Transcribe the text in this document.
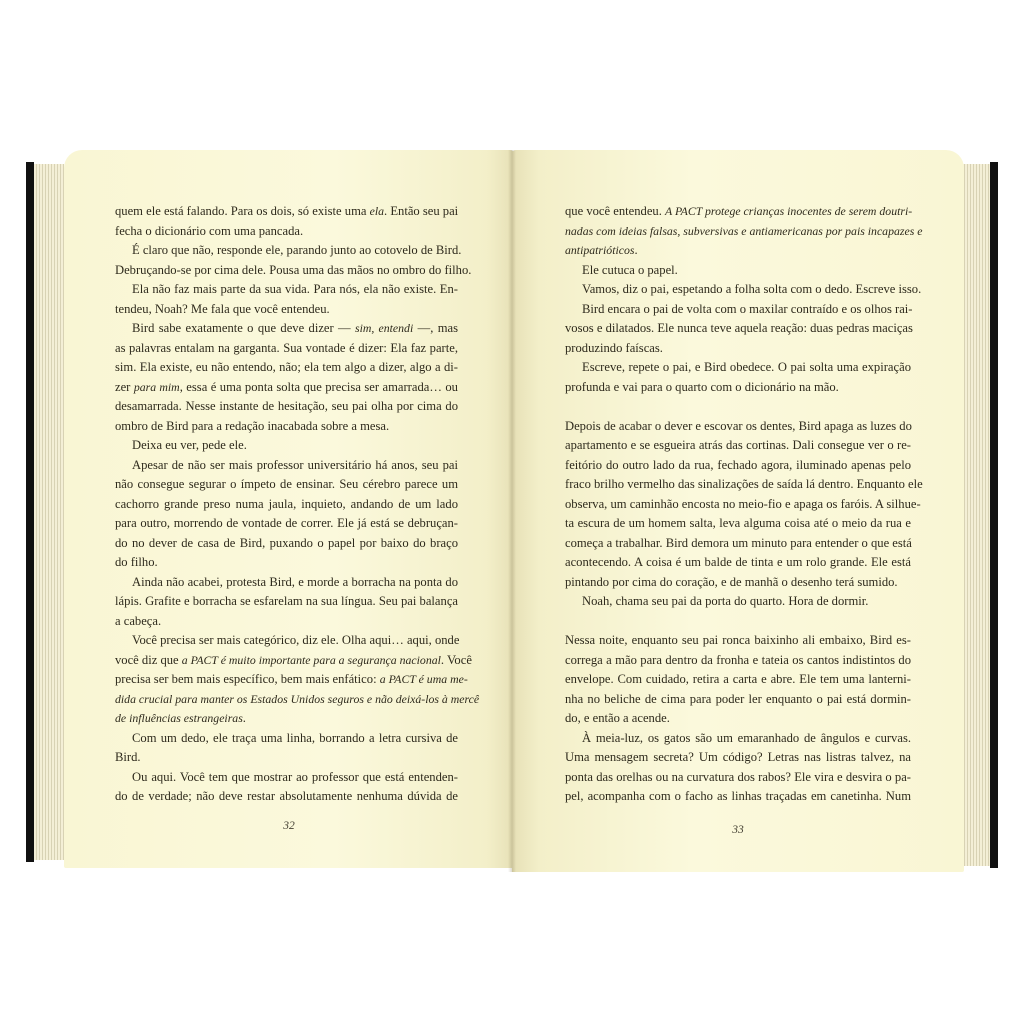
quem ele está falando. Para os dois, só existe uma ela. Então seu pai
fecha o dicionário com uma pancada.
É claro que não, responde ele, parando junto ao cotovelo de Bird.
Debruçando-se por cima dele. Pousa uma das mãos no ombro do filho.
Ela não faz mais parte da sua vida. Para nós, ela não existe. En-
tendeu, Noah? Me fala que você entendeu.
Bird sabe exatamente o que deve dizer — sim, entendi —, mas
as palavras entalam na garganta. Sua vontade é dizer: Ela faz parte,
sim. Ela existe, eu não entendo, não; ela tem algo a dizer, algo a di-
zer para mim, essa é uma ponta solta que precisa ser amarrada… ou
desamarrada. Nesse instante de hesitação, seu pai olha por cima do
ombro de Bird para a redação inacabada sobre a mesa.
Deixa eu ver, pede ele.
Apesar de não ser mais professor universitário há anos, seu pai
não consegue segurar o ímpeto de ensinar. Seu cérebro parece um
cachorro grande preso numa jaula, inquieto, andando de um lado
para outro, morrendo de vontade de correr. Ele já está se debruçan-
do no dever de casa de Bird, puxando o papel por baixo do braço
do filho.
Ainda não acabei, protesta Bird, e morde a borracha na ponta do
lápis. Grafite e borracha se esfarelam na sua língua. Seu pai balança
a cabeça.
Você precisa ser mais categórico, diz ele. Olha aqui… aqui, onde
você diz que a PACT é muito importante para a segurança nacional. Você
precisa ser bem mais específico, bem mais enfático: a PACT é uma me-
dida crucial para manter os Estados Unidos seguros e não deixá-los à mercê
de influências estrangeiras.
Com um dedo, ele traça uma linha, borrando a letra cursiva de
Bird.
Ou aqui. Você tem que mostrar ao professor que está entenden-
do de verdade; não deve restar absolutamente nenhuma dúvida de
32
que você entendeu. A PACT protege crianças inocentes de serem doutri-
nadas com ideias falsas, subversivas e antiamericanas por pais incapazes e
antipatrióticos.
Ele cutuca o papel.
Vamos, diz o pai, espetando a folha solta com o dedo. Escreve isso.
Bird encara o pai de volta com o maxilar contraído e os olhos rai-
vosos e dilatados. Ele nunca teve aquela reação: duas pedras maciças
produzindo faíscas.
Escreve, repete o pai, e Bird obedece. O pai solta uma expiração
profunda e vai para o quarto com o dicionário na mão.
Depois de acabar o dever e escovar os dentes, Bird apaga as luzes do
apartamento e se esgueira atrás das cortinas. Dali consegue ver o re-
feitório do outro lado da rua, fechado agora, iluminado apenas pelo
fraco brilho vermelho das sinalizações de saída lá dentro. Enquanto ele
observa, um caminhão encosta no meio-fio e apaga os faróis. A silhue-
ta escura de um homem salta, leva alguma coisa até o meio da rua e
começa a trabalhar. Bird demora um minuto para entender o que está
acontecendo. A coisa é um balde de tinta e um rolo grande. Ele está
pintando por cima do coração, e de manhã o desenho terá sumido.
Noah, chama seu pai da porta do quarto. Hora de dormir.
Nessa noite, enquanto seu pai ronca baixinho ali embaixo, Bird es-
correga a mão para dentro da fronha e tateia os cantos indistintos do
envelope. Com cuidado, retira a carta e abre. Ele tem uma lanterni-
nha no beliche de cima para poder ler enquanto o pai está dormin-
do, e então a acende.
À meia-luz, os gatos são um emaranhado de ângulos e curvas.
Uma mensagem secreta? Um código? Letras nas listras talvez, na
ponta das orelhas ou na curvatura dos rabos? Ele vira e desvira o pa-
pel, acompanha com o facho as linhas traçadas em canetinha. Num
33
